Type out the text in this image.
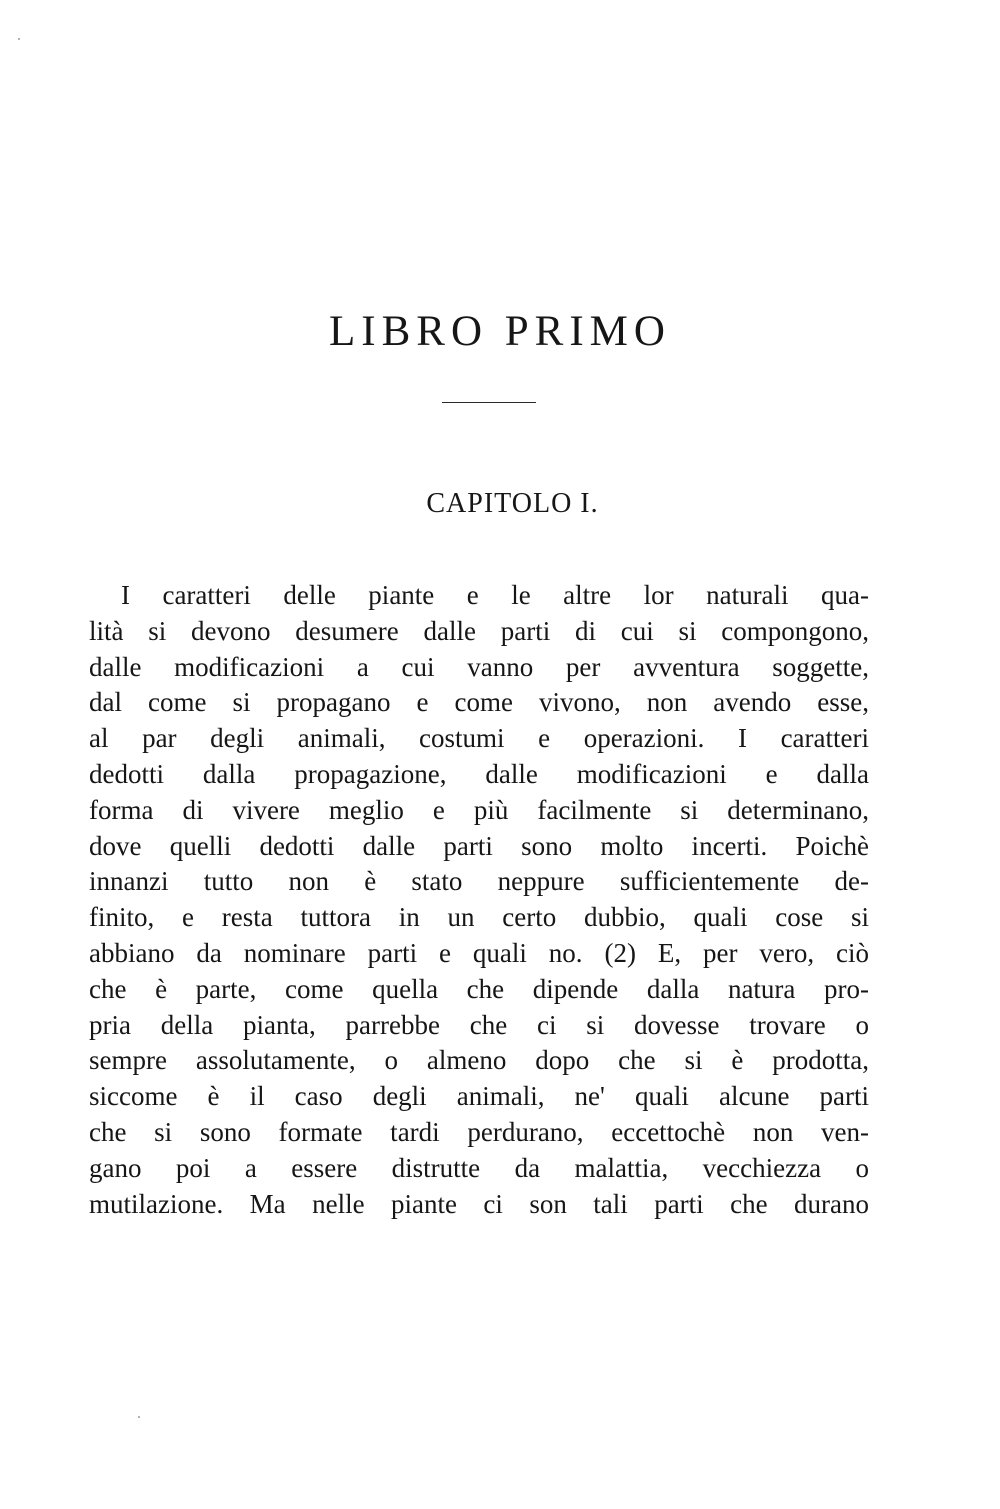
LIBRO PRIMO
CAPITOLO I.
I caratteri delle piante e le altre lor naturali qua-
lità si devono desumere dalle parti di cui si compongono,
dalle modificazioni a cui vanno per avventura soggette,
dal come si propagano e come vivono, non avendo esse,
al par degli animali, costumi e operazioni. I caratteri
dedotti dalla propagazione, dalle modificazioni e dalla
forma di vivere meglio e più facilmente si determinano,
dove quelli dedotti dalle parti sono molto incerti. Poichè
innanzi tutto non è stato neppure sufficientemente de-
finito, e resta tuttora in un certo dubbio, quali cose si
abbiano da nominare parti e quali no. (2) E, per vero, ciò
che è parte, come quella che dipende dalla natura pro-
pria della pianta, parrebbe che ci si dovesse trovare o
sempre assolutamente, o almeno dopo che si è prodotta,
siccome è il caso degli animali, ne' quali alcune parti
che si sono formate tardi perdurano, eccettochè non ven-
gano poi a essere distrutte da malattia, vecchiezza o
mutilazione. Ma nelle piante ci son tali parti che durano
